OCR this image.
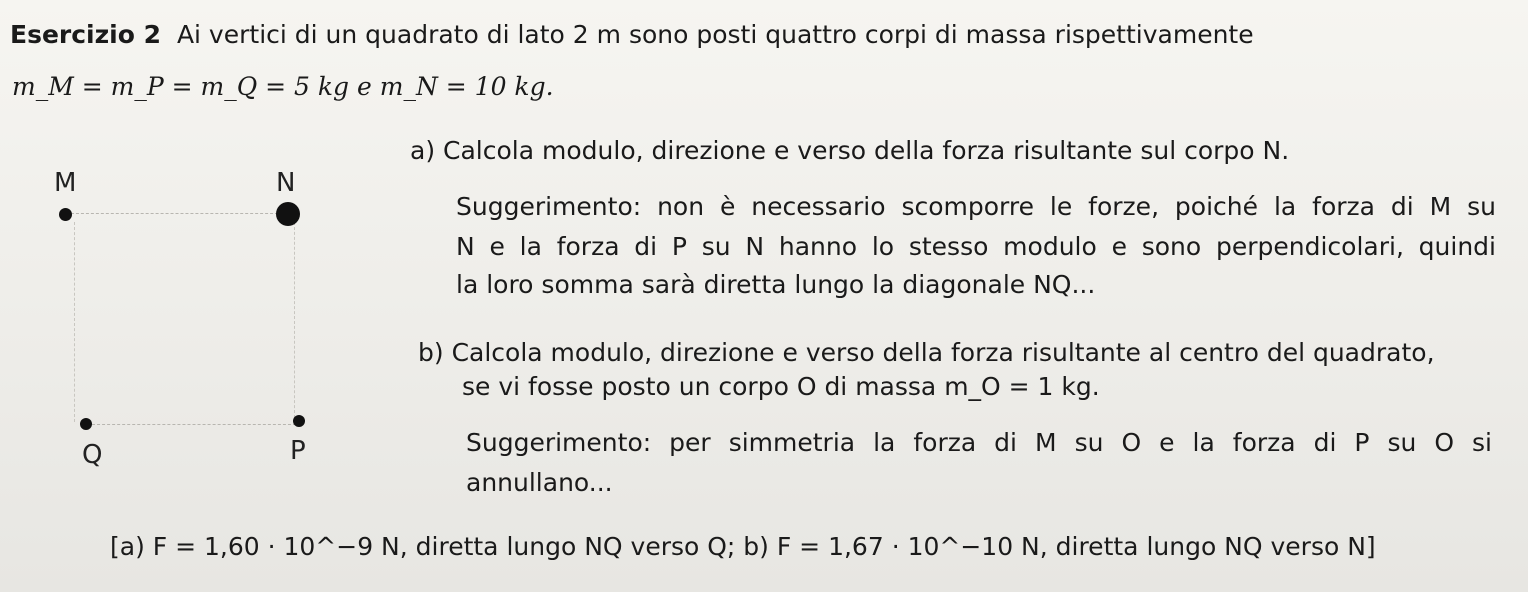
Esercizio 2 Ai vertici di un quadrato di lato 2 m sono posti quattro corpi di massa rispettivamente
m_M = m_P = m_Q = 5 kg e m_N = 10 kg.
M	N
Q	P
a) Calcola modulo, direzione e verso della forza risultante sul corpo N.
Suggerimento: non è necessario scomporre le forze, poiché la forza di M su
N e la forza di P su N hanno lo stesso modulo e sono perpendicolari, quindi
la loro somma sarà diretta lungo la diagonale NQ...
b) Calcola modulo, direzione e verso della forza risultante al centro del quadrato,
se vi fosse posto un corpo O di massa m_O = 1 kg.
Suggerimento: per simmetria la forza di M su O e la forza di P su O si
annullano...
[a) F = 1,60 · 10^−9 N, diretta lungo NQ verso Q; b) F = 1,67 · 10^−10 N, diretta lungo NQ verso N]
